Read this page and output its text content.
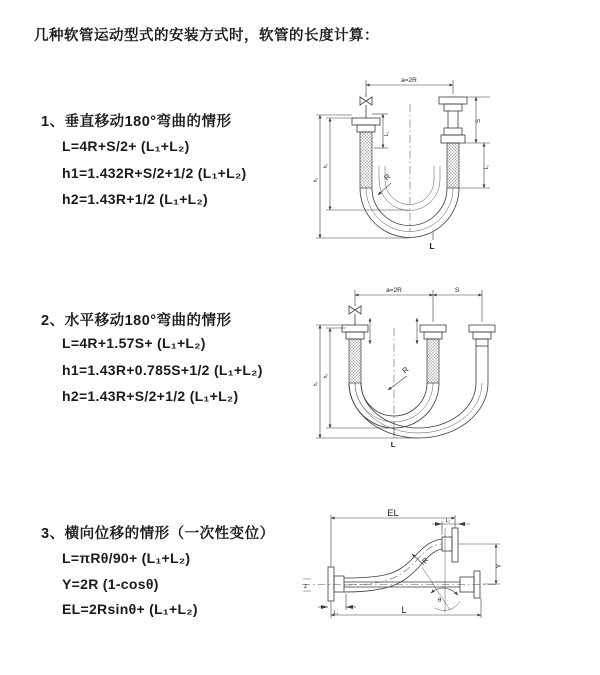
几种软管运动型式的安装方式时，软管的长度计算：
1、垂直移动180°弯曲的情形
L=4R+S/2+ (L₁+L₂)
h1=1.432R+S/2+1/2 (L₁+L₂)
h2=1.43R+1/2 (L₁+L₂)
2、水平移动180°弯曲的情形
L=4R+1.57S+ (L₁+L₂)
h1=1.43R+0.785S+1/2 (L₁+L₂)
h2=1.43R+S/2+1/2 (L₁+L₂)
3、横向位移的情形（一次性变位）
L=πRθ/90+ (L₁+L₂)
Y=2R (1-cosθ)
EL=2Rsinθ+ (L₁+L₂)
a=2R
L₁
S
L₁
R
L
h₁
h₂
a=2R	S
R
L
h₁
h₂
z
EL
L₂
Y
θ
R
L
L₁
